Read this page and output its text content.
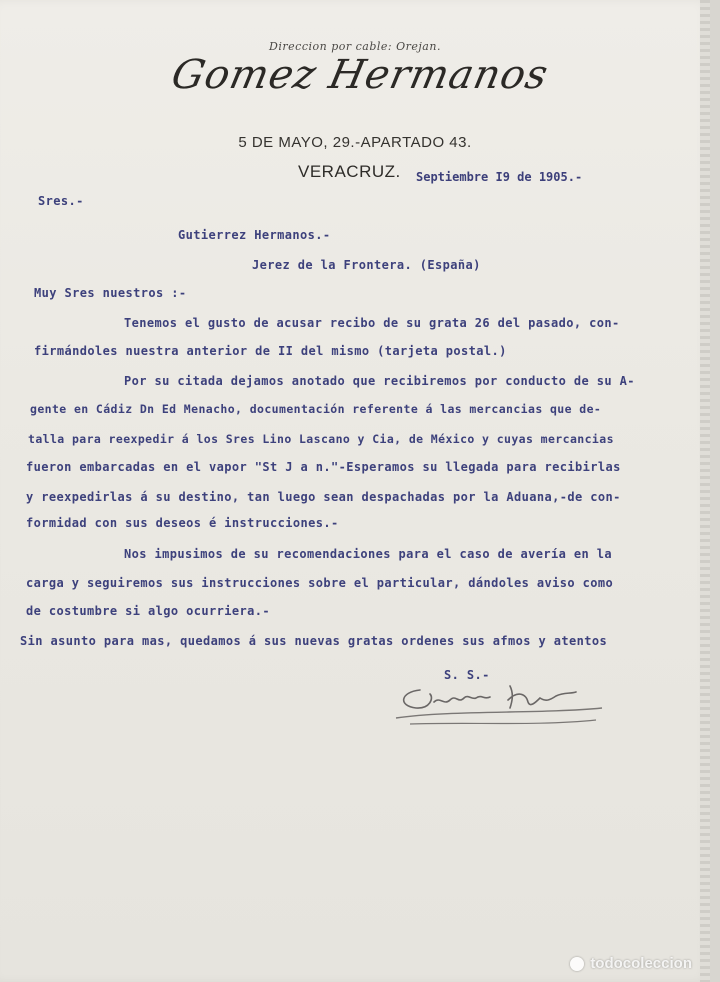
Direccion por cable: Orejan.
Gomez Hermanos
5 DE MAYO, 29.-APARTADO 43.
VERACRUZ. Septiembre I9 de 1905.-
Sres.-
Gutierrez Hermanos.-
Jerez de la Frontera. (España)
Muy Sres nuestros :-
Tenemos el gusto de acusar recibo de su grata 26 del pasado, con-
firmándoles nuestra anterior de II del mismo (tarjeta postal.)
Por su citada dejamos anotado que recibiremos por conducto de su A-
gente en Cádiz Dn Ed Menacho, documentación referente á las mercancias que de-
talla para reexpedir á los Sres Lino Lascano y Cia, de México y cuyas mercancias
fueron embarcadas en el vapor "St J a n."-Esperamos su llegada para recibirlas
y reexpedirlas á su destino, tan luego sean despachadas por la Aduana,-de con-
formidad con sus deseos é instrucciones.-
Nos impusimos de su recomendaciones para el caso de avería en la
carga y seguiremos sus instrucciones sobre el particular, dándoles aviso como
de costumbre si algo ocurriera.-
Sin asunto para mas, quedamos á sus nuevas gratas ordenes sus afmos y atentos
S. S.-
todocoleccion
